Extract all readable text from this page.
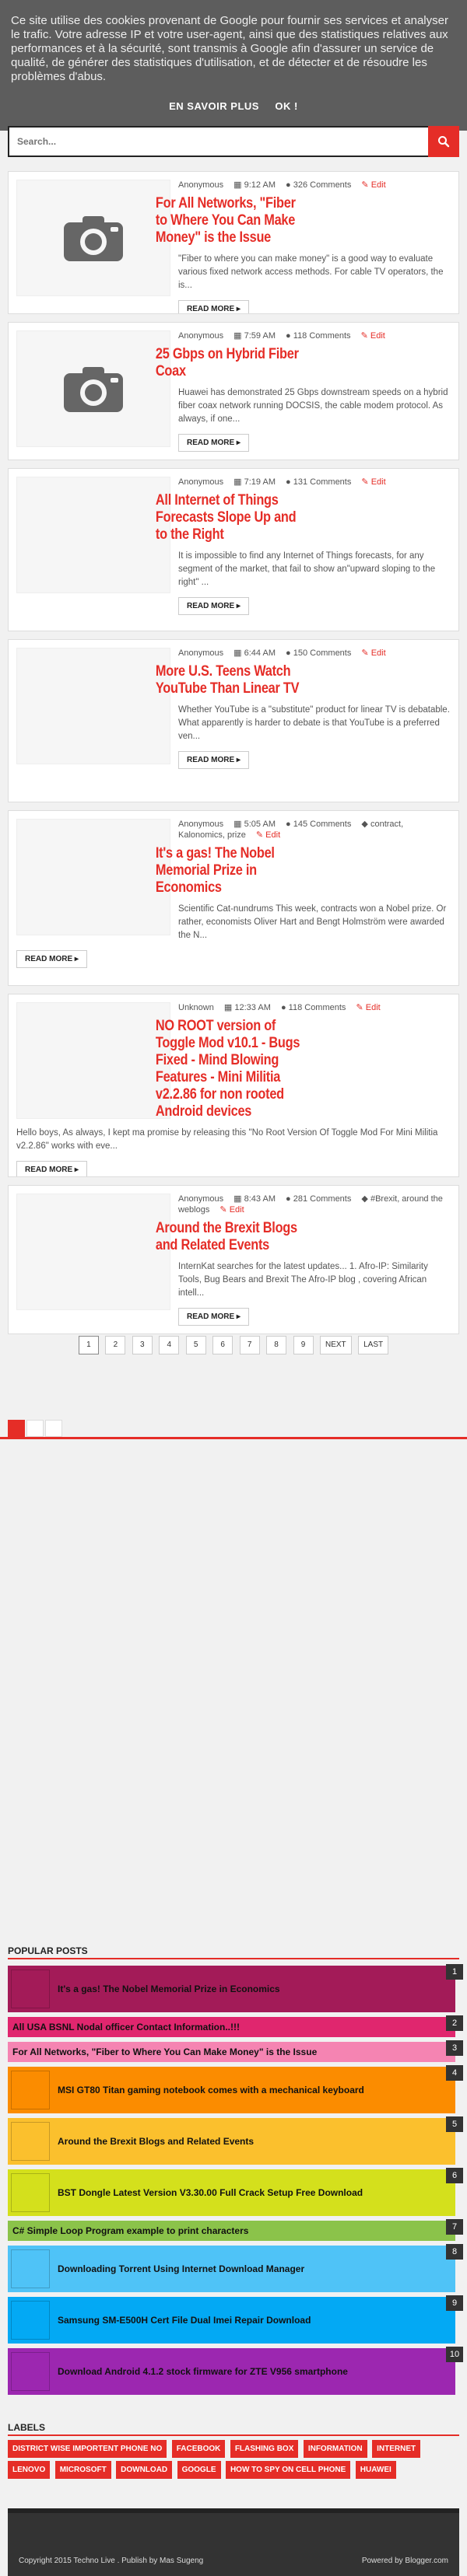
Ce site utilise des cookies provenant de Google pour fournir ses services et analyser le trafic. Votre adresse IP et votre user-agent, ainsi que des statistiques relatives aux performances et à la sécurité, sont transmis à Google afin d'assurer un service de qualité, de générer des statistiques d'utilisation, et de détecter et de résoudre les problèmes d'abus.

EN SAVOIR PLUS OK !
Search...
Anonymous ▦ 9:12 AM ● 326 Comments ✎ Edit
For All Networks, "Fiber to Where You Can Make Money" is the Issue

"Fiber to where you can make money" is a good way to evaluate various fixed network access methods. For cable TV operators, the is...

READ MORE ▸
Anonymous ▦ 7:59 AM ● 118 Comments ✎ Edit
25 Gbps on Hybrid Fiber Coax

Huawei has demonstrated 25 Gbps downstream speeds on a hybrid fiber coax network running DOCSIS, the cable modem protocol. As always, if one...

READ MORE ▸
Anonymous ▦ 7:19 AM ● 131 Comments ✎ Edit
All Internet of Things Forecasts Slope Up and to the Right

It is impossible to find any Internet of Things forecasts, for any segment of the market, that fail to show an"upward sloping to the right" ...

READ MORE ▸
Anonymous ▦ 6:44 AM ● 150 Comments ✎ Edit
More U.S. Teens Watch YouTube Than Linear TV

Whether YouTube is a "substitute" product for linear TV is debatable. What apparently is harder to debate is that YouTube is a preferred ven...

READ MORE ▸
Anonymous ▦ 5:05 AM ● 145 Comments ◆ contract, Kalonomics, prize ✎ Edit
It's a gas! The Nobel Memorial Prize in Economics

Scientific Cat-nundrums This week, contracts won a Nobel prize. Or rather, economists Oliver Hart and Bengt Holmström were awarded the N...

READ MORE ▸
Unknown ▦ 12:33 AM ● 118 Comments ✎ Edit
NO ROOT version of Toggle Mod v10.1 - Bugs Fixed - Mind Blowing Features - Mini Militia v2.2.86 for non rooted Android devices

Hello boys, As always, I kept ma promise by releasing this "No Root Version Of Toggle Mod For Mini Militia v2.2.86" works with eve...

READ MORE ▸
Anonymous ▦ 8:43 AM ● 281 Comments ◆ #Brexit, around the weblogs ✎ Edit
Around the Brexit Blogs and Related Events

InternKat searches for the latest updates... 1. Afro-IP: Similarity Tools, Bug Bears and Brexit The Afro-IP blog , covering African intell...

READ MORE ▸
1	2	3	4	5	6	7	8	9	NEXT LAST
POPULAR POSTS
It's a gas! The Nobel Memorial Prize in Economics
1
All USA BSNL Nodal officer Contact Information..!!!	2
For All Networks, "Fiber to Where You Can Make Money" is the Issue	3
MSI GT80 Titan gaming notebook comes with a mechanical keyboard
4
Around the Brexit Blogs and Related Events
5
BST Dongle Latest Version V3.30.00 Full Crack Setup Free Download
6
C# Simple Loop Program example to print characters	7
Downloading Torrent Using Internet Download Manager
8
Samsung SM-E500H Cert File Dual Imei Repair Download
9
Download Android 4.1.2 stock firmware for ZTE V956 smartphone
10
LABELS
DISTRICT WISE IMPORTENT PHONE NO FACEBOOK FLASHING BOX INFORMATION INTERNET LENOVO MICROSOFT DOWNLOAD GOOGLE HOW TO SPY ON CELL PHONE HUAWEI
Copyright 2015 Techno Live . Publish by Mas Sugeng	Powered by Blogger.com
